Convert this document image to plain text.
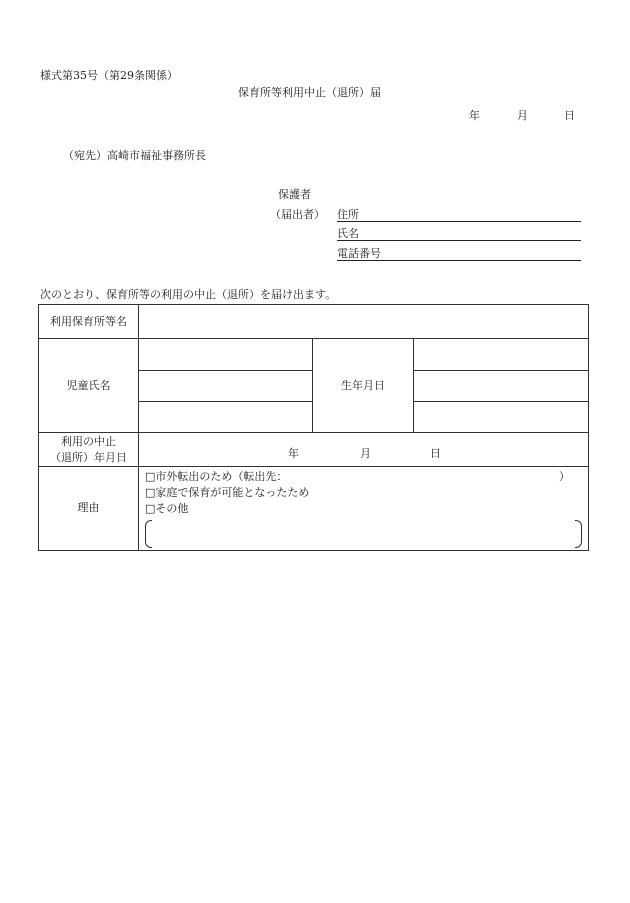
様式第35号（第29条関係）
保育所等利用中止（退所）届
年	月	日
（宛先）高崎市福祉事務所長
保護者
（届出者） 住所
氏名
電話番号
次のとおり、保育所等の利用の中止（退所）を届け出ます。
利用保育所等名			
児童氏名		生年月日	

利用の中止
（退所）年月日	年 月 日		

理由	□市外転出のため（転出先： ）
□家庭で保育が可能となったため
□その他		
